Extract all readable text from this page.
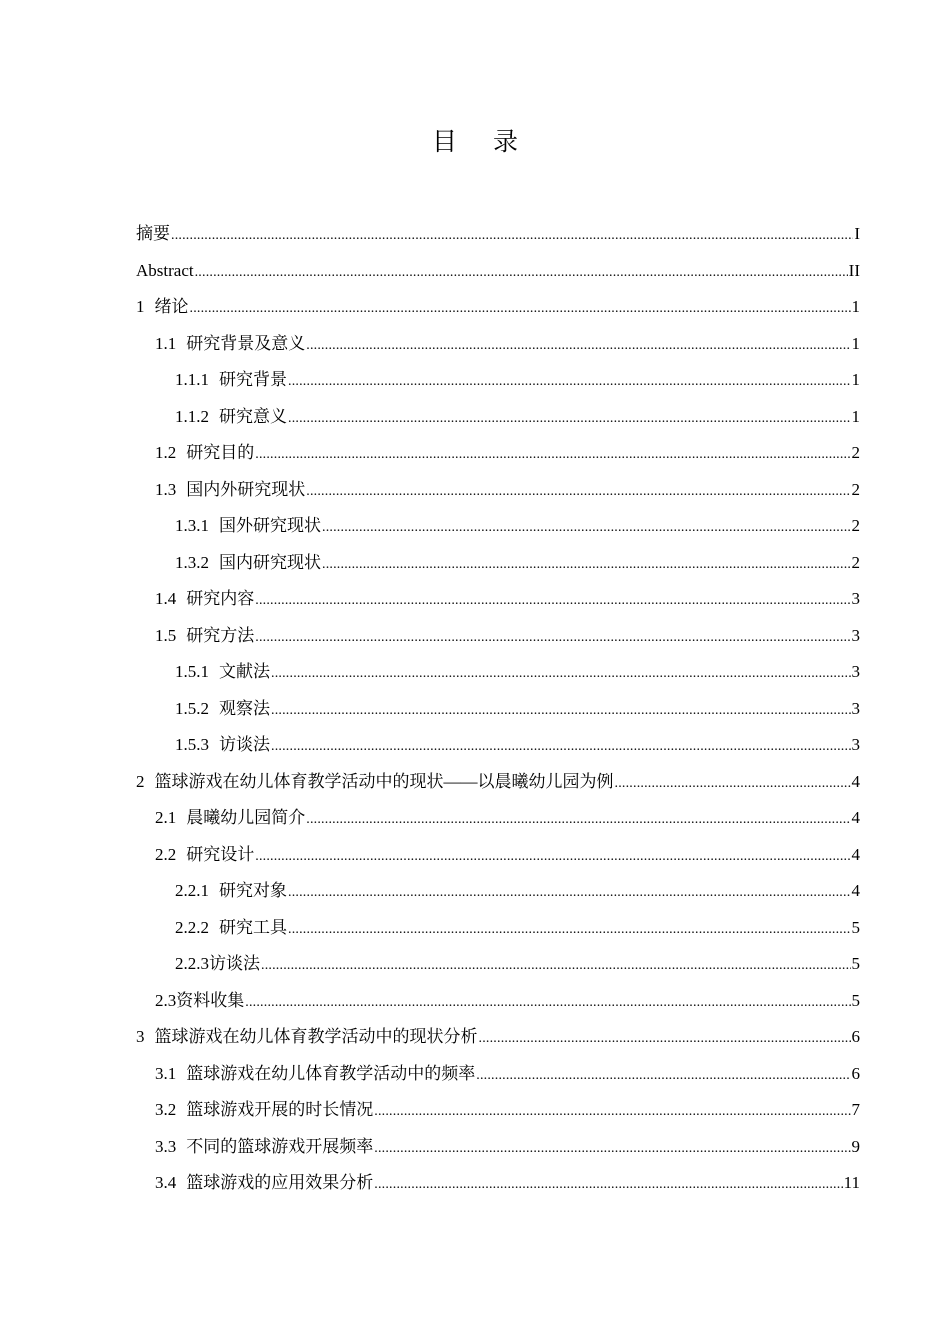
目 录
摘要 .....	I
Abstract .....	II
1 绪论 .....	1
1.1 研究背景及意义 .....	1
1.1.1 研究背景 .....	1
1.1.2 研究意义 .....	1
1.2 研究目的 .....	2
1.3 国内外研究现状 .....	2
1.3.1 国外研究现状 .....	2
1.3.2 国内研究现状 .....	2
1.4 研究内容 .....	3
1.5 研究方法 .....	3
1.5.1 文献法 .....	3
1.5.2 观察法 .....	3
1.5.3 访谈法 .....	3
2 篮球游戏在幼儿体育教学活动中的现状——以晨曦幼儿园为例 .....	4
2.1 晨曦幼儿园简介 .....	4
2.2 研究设计 .....	4
2.2.1 研究对象 .....	4
2.2.2 研究工具 .....	5
2.2.3访谈法 .....	5
2.3资料收集 .....	5
3 篮球游戏在幼儿体育教学活动中的现状分析 .....	6
3.1 篮球游戏在幼儿体育教学活动中的频率 .....	6
3.2 篮球游戏开展的时长情况 .....	7
3.3 不同的篮球游戏开展频率 .....	9
3.4 篮球游戏的应用效果分析 .....	11
